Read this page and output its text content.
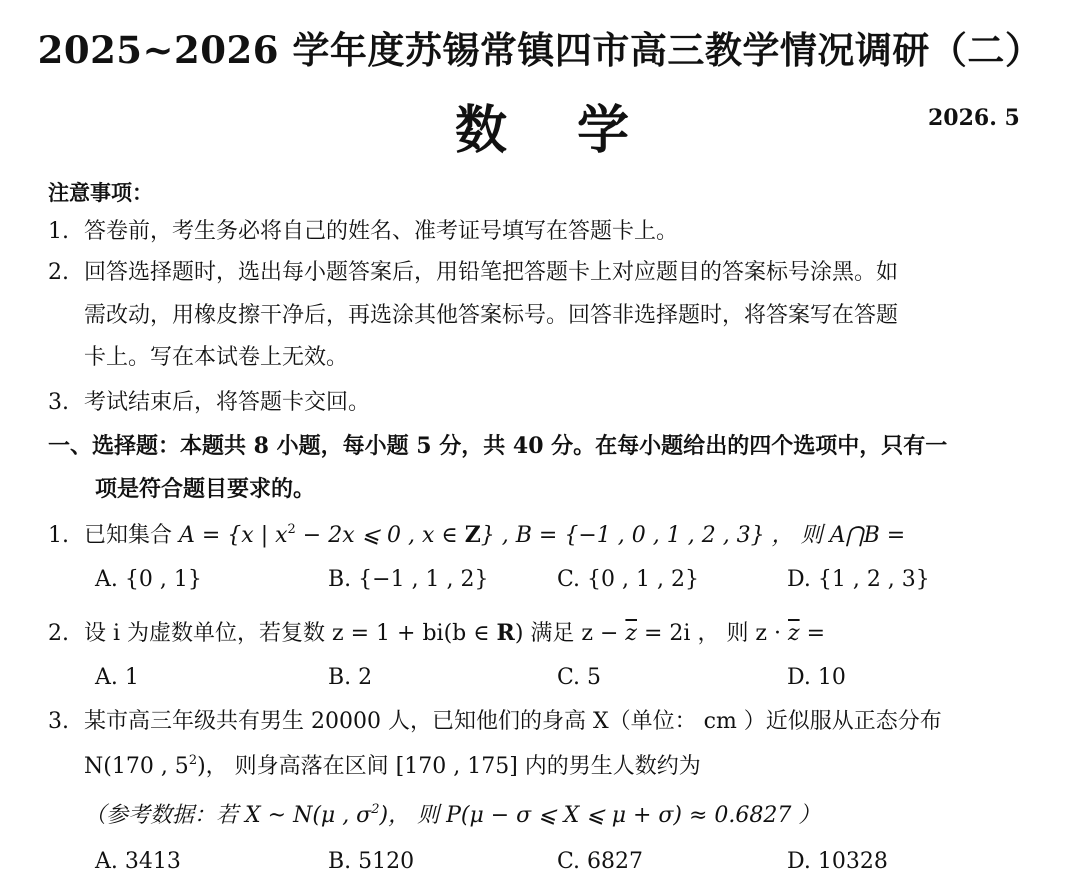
2025~2026 学年度苏锡常镇四市高三教学情况调研（二）
数学	2026. 5
注意事项：
1. 答卷前，考生务必将自己的姓名、准考证号填写在答题卡上。
2. 回答选择题时，选出每小题答案后，用铅笔把答题卡上对应题目的答案标号涂黑。如
需改动，用橡皮擦干净后，再选涂其他答案标号。回答非选择题时，将答案写在答题
卡上。写在本试卷上无效。
3. 考试结束后，将答题卡交回。
一、选择题：本题共 8 小题，每小题 5 分，共 40 分。在每小题给出的四个选项中，只有一
项是符合题目要求的。
1. 已知集合 A = {x | $x^2 - 2x$ ⩽ 0 , x ∈ Z} , B = {−1 , 0 , 1 , 2 , 3} ， 则 A⋂B =
A. {0 , 1}	B. {−1 , 1 , 2}	C. {0 , 1 , 2}	D. {1 , 2 , 3}
2. 设 i 为虚数单位，若复数 z = 1 + bi(b ∈ R) 满足 $z - \overline{z} = 2i$ ， 则 $z \cdot \overline{z}$ =
A. 1	B. 2	C. 5	D. 10
3. 某市高三年级共有男生 20000 人，已知他们的身高 X（单位： cm ）近似服从正态分布
N(170 , $5^2$)， 则身高落在区间 [170 , 175] 内的男生人数约为
（参考数据：若 X ~ N(μ , $\sigma^2$)， 则 P(μ − σ ⩽ X ⩽ μ + σ) ≈ 0.6827 ）
A. 3413	B. 5120	C. 6827	D. 10328
